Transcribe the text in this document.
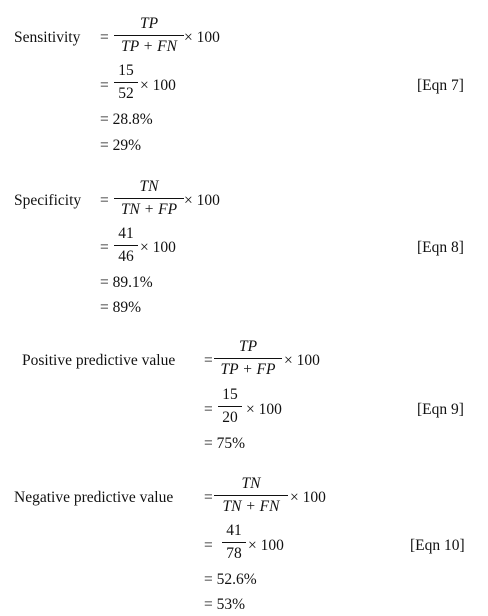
Sensitivity =
TP
TP + FN × 100
=
15
52 × 100	[Eqn 7]
= 28.8%
= 29%
Specificity =
TN
TN + FP × 100
=
41
46 × 100	[Eqn 8]
= 89.1%
= 89%
Positive predictive value =
TP
TP + FP × 100
=
15
20 × 100	[Eqn 9]
= 75%
Negative predictive value =
TN
TN + FN × 100
=
41
78 × 100	[Eqn 10]
= 52.6%
= 53%
